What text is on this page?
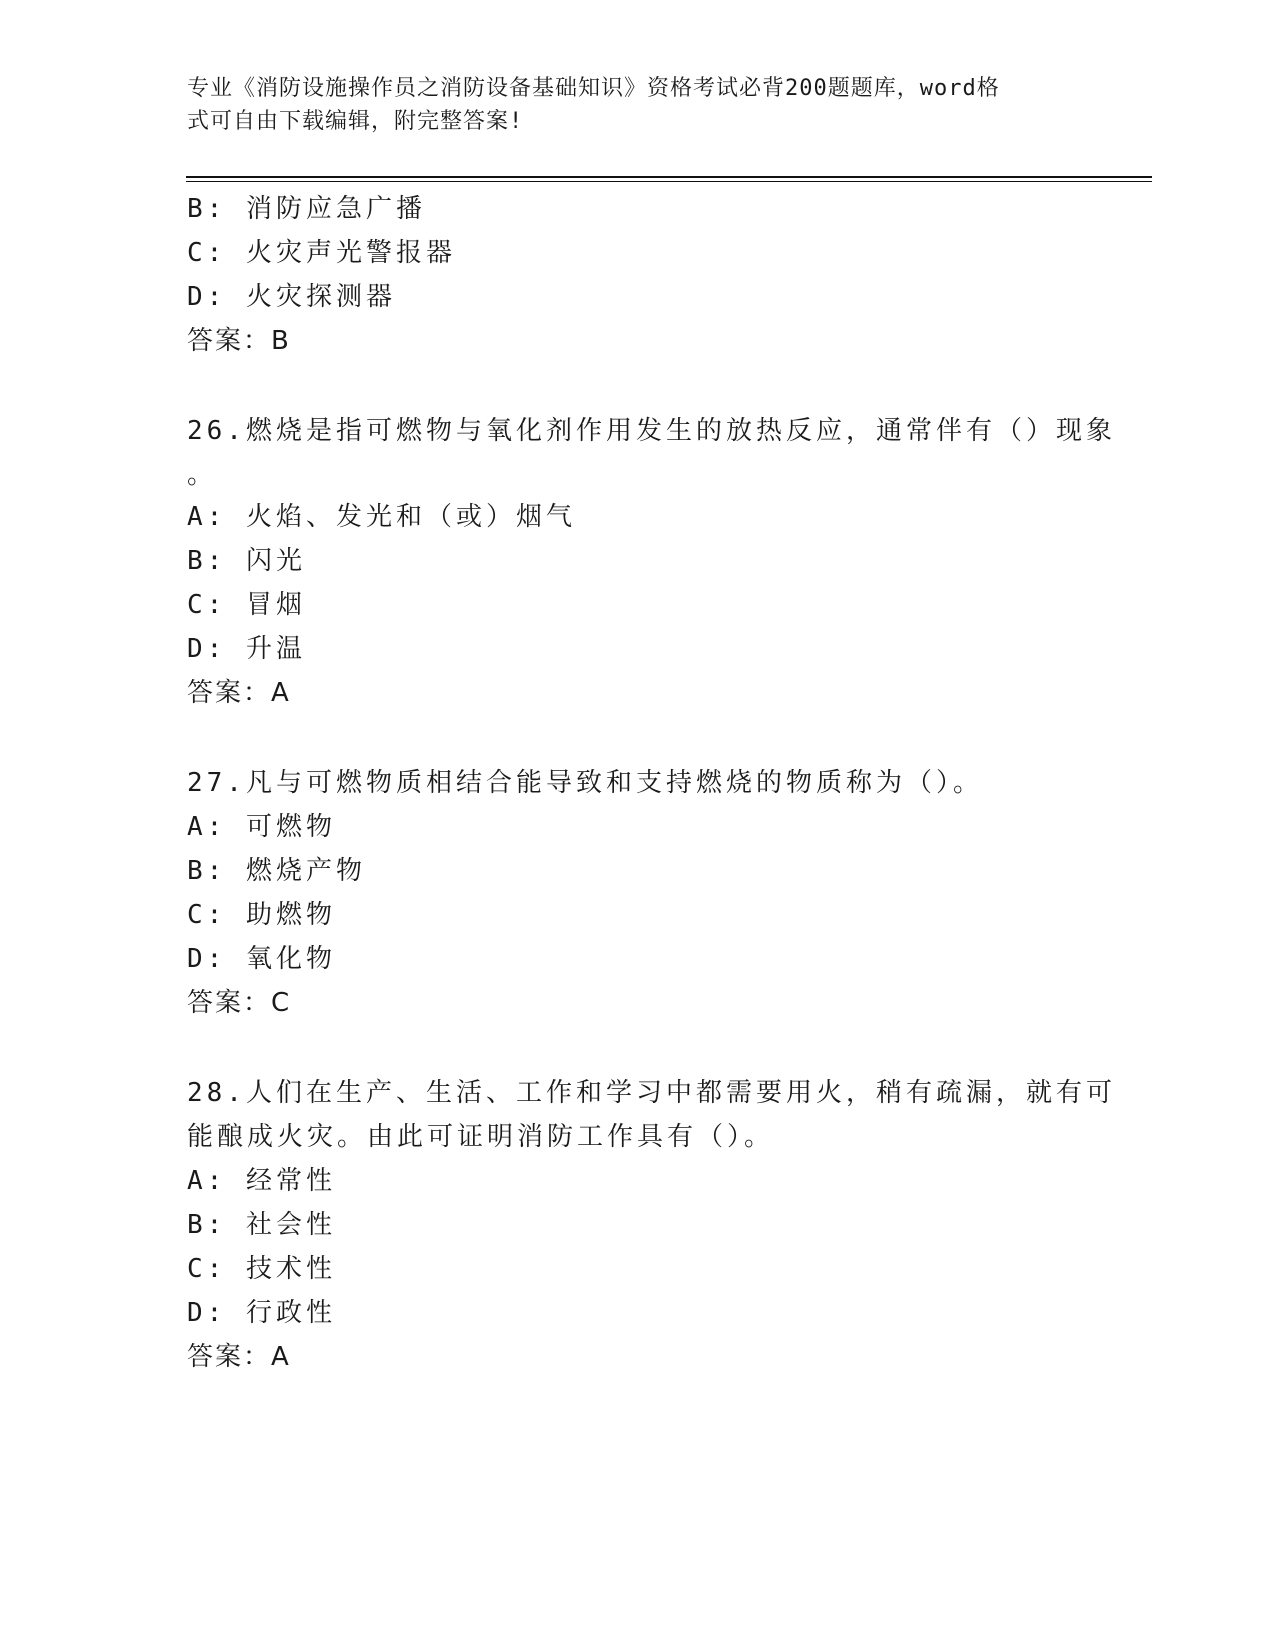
专业《消防设施操作员之消防设备基础知识》资格考试必背200题题库，word格
式可自由下载编辑，附完整答案!
B: 消防应急广播
C: 火灾声光警报器
D: 火灾探测器
答案：B
26.燃烧是指可燃物与氧化剂作用发生的放热反应，通常伴有（）现象
。
A: 火焰、发光和（或）烟气
B: 闪光
C: 冒烟
D: 升温
答案：A
27.凡与可燃物质相结合能导致和支持燃烧的物质称为（）。
A: 可燃物
B: 燃烧产物
C: 助燃物
D: 氧化物
答案：C
28.人们在生产、生活、工作和学习中都需要用火，稍有疏漏，就有可
能酿成火灾。由此可证明消防工作具有（）。
A: 经常性
B: 社会性
C: 技术性
D: 行政性
答案：A
